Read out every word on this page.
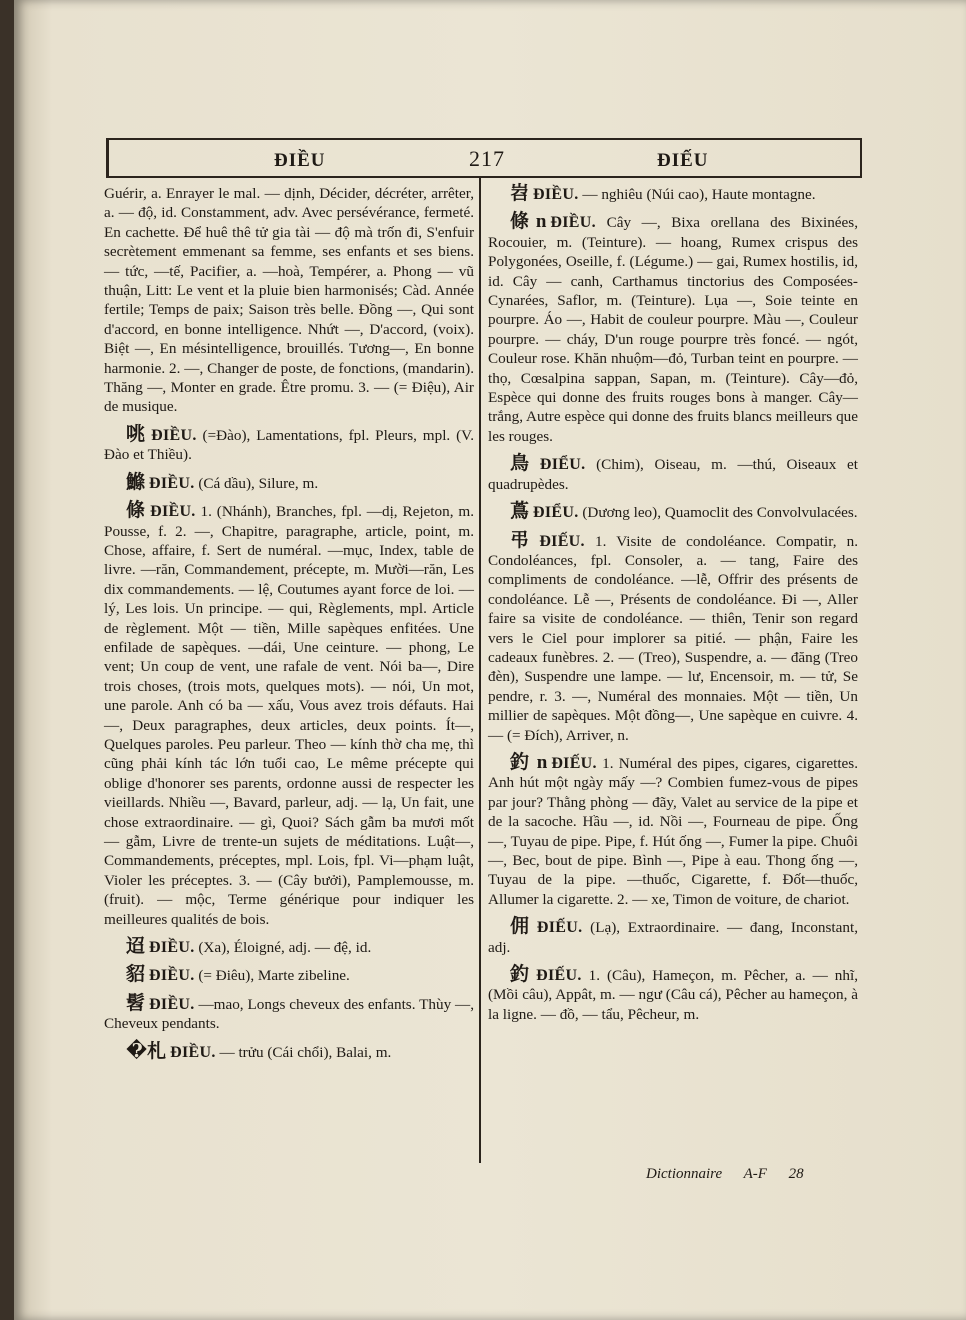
ĐIỀU	217	ĐIẾU

Guérir, a. Enrayer le mal. — dịnh, Décider, décréter, arrêter, a. — độ, id. Constamment, adv. Avec persévérance, fermeté. En cachette. Để huê thê tử gia tài — độ mà trốn đi, S'enfuir secrètement emmenant sa femme, ses enfants et ses biens. — tức, —tế, Pacifier, a. —hoà, Tempérer, a. Phong — vũ thuận, Litt: Le vent et la pluie bien harmonisés; Càd. Année fertile; Temps de paix; Saison très belle. Đồng —, Qui sont d'accord, en bonne intelligence. Nhứt —, D'accord, (voix). Biệt —, En mésintelligence, brouillés. Tương—, En bonne harmonie. 2. —, Changer de poste, de fonctions, (mandarin). Thăng —, Monter en grade. Être promu. 3. — (= Điệu), Air de musique.

咷 ĐIỀU. (=Đào), Lamentations, fpl. Pleurs, mpl. (V. Đào et Thiều).

鰷 ĐIỀU. (Cá dầu), Silure, m.

條 ĐIỀU. 1. (Nhánh), Branches, fpl. —dị, Rejeton, m. Pousse, f. 2. —, Chapitre, paragraphe, article, point, m. Chose, affaire, f. Sert de numéral. —mục, Index, table de livre. —răn, Commandement, précepte, m. Mười—răn, Les dix commandements. — lệ, Coutumes ayant force de loi. —lý, Les lois. Un principe. — qui, Règlements, mpl. Article de règlement. Một — tiền, Mille sapèques enfitées. Une enfilade de sapèques. —dái, Une ceinture. — phong, Le vent; Un coup de vent, une rafale de vent. Nói ba—, Dire trois choses, (trois mots, quelques mots). — nói, Un mot, une parole. Anh có ba — xấu, Vous avez trois défauts. Hai —, Deux paragraphes, deux articles, deux points. Ít—, Quelques paroles. Peu parleur. Theo — kính thờ cha mẹ, thì cũng phải kính tác lớn tuổi cao, Le même précepte qui oblige d'honorer ses parents, ordonne aussi de respecter les vieillards. Nhiều —, Bavard, parleur, adj. — lạ, Un fait, une chose extraordinaire. — gì, Quoi? Sách gẫm ba mươi mốt — gẫm, Livre de trente-un sujets de méditations. Luật—, Commandements, préceptes, mpl. Lois, fpl. Vi—phạm luật, Violer les préceptes. 3. — (Cây bưởi), Pamplemousse, m. (fruit). — mộc, Terme générique pour indiquer les meilleures qualités de bois.

迢 ĐIỀU. (Xa), Éloigné, adj. — đệ, id.

貂 ĐIỀU. (= Điêu), Marte zibeline.

髫 ĐIỀU. —mao, Longs cheveux des enfants. Thùy —, Cheveux pendants.

�札 ĐIỀU. — trửu (Cái chổi), Balai, m.

岧 ĐIỀU. — nghiêu (Núi cao), Haute montagne.

條n ĐIỀU. Cây —, Bixa orellana des Bixinées, Rocouier, m. (Teinture). — hoang, Rumex crispus des Polygonées, Oseille, f. (Légume.) — gai, Rumex hostilis, id, id. Cây — canh, Carthamus tinctorius des Composées-Cynarées, Saflor, m. (Teinture). Lụa —, Soie teinte en pourpre. Áo —, Habit de couleur pourpre. Màu —, Couleur pourpre. — cháy, D'un rouge pourpre très foncé. — ngót, Couleur rose. Khăn nhuộm—đỏ, Turban teint en pourpre. — thọ, Cœsalpina sappan, Sapan, m. (Teinture). Cây—đỏ, Espèce qui donne des fruits rouges bons à manger. Cây—trắng, Autre espèce qui donne des fruits blancs meilleurs que les rouges.

鳥 ĐIỂU. (Chim), Oiseau, m. —thú, Oiseaux et quadrupèdes.

蔦 ĐIỂU. (Dương leo), Quamoclit des Convolvulacées.

弔 ĐIẾU. 1. Visite de condoléance. Compatir, n. Condoléances, fpl. Consoler, a. — tang, Faire des compliments de condoléance. —lễ, Offrir des présents de condoléance. Lễ —, Présents de condoléance. Đi —, Aller faire sa visite de condoléance. — thiên, Tenir son regard vers le Ciel pour implorer sa pitié. — phận, Faire les cadeaux funèbres. 2. — (Treo), Suspendre, a. — đăng (Treo đèn), Suspendre une lampe. — lư, Encensoir, m. — tử, Se pendre, r. 3. —, Numéral des monnaies. Một — tiền, Un millier de sapèques. Một đồng—, Une sapèque en cuivre. 4. — (= Đích), Arriver, n.

釣 n ĐIẾU. 1. Numéral des pipes, cigares, cigarettes. Anh hút một ngày mấy —? Combien fumez-vous de pipes par jour? Thằng phòng — đãy, Valet au service de la pipe et de la sacoche. Hầu —, id. Nồi —, Fourneau de pipe. Ống —, Tuyau de pipe. Pipe, f. Hút ống —, Fumer la pipe. Chuôi —, Bec, bout de pipe. Bình —, Pipe à eau. Thong ống —, Tuyau de la pipe. —thuốc, Cigarette, f. Đốt—thuốc, Allumer la cigarette. 2. — xe, Timon de voiture, de chariot.

佣 ĐIẾU. (Lạ), Extraordinaire. — đang, Inconstant, adj.

釣 ĐIẾU. 1. (Câu), Hameçon, m. Pêcher, a. — nhĩ, (Mồi câu), Appât, m. — ngư (Câu cá), Pêcher au hameçon, à la ligne. — đồ, — tẩu, Pêcheur, m.

Dictionnaire A-F 28
